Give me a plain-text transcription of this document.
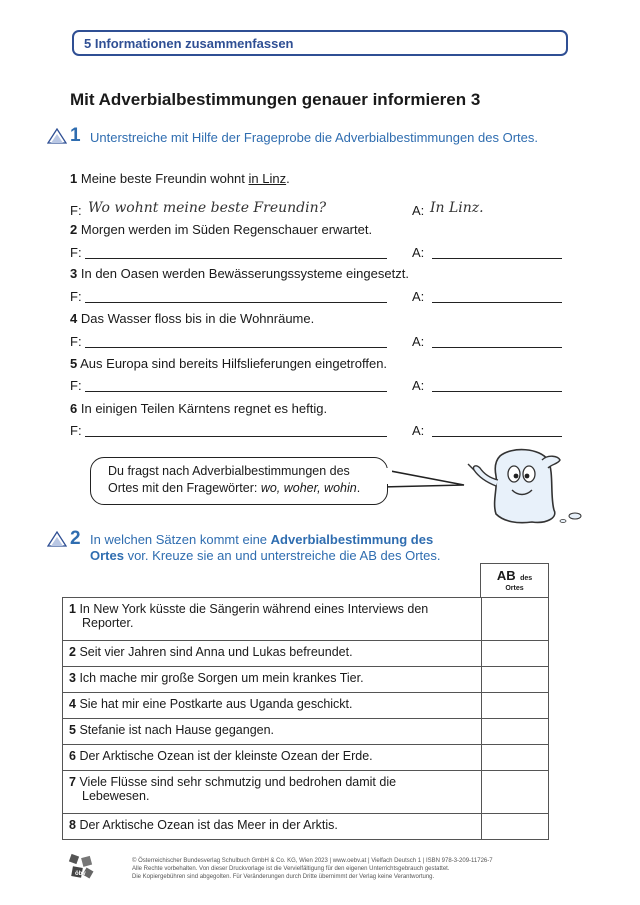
5 Informationen zusammenfassen
Mit Adverbialbestimmungen genauer informieren 3
1 Unterstreiche mit Hilfe der Frageprobe die Adverbialbestimmungen des Ortes.
1 Meine beste Freundin wohnt in Linz.
F: Wo wohnt meine beste Freundin?	A: In Linz.
2 Morgen werden im Süden Regenschauer erwartet.
F:	A:
3 In den Oasen werden Bewässerungssysteme eingesetzt.
F:	A:
4 Das Wasser floss bis in die Wohnräume.
F:	A:
5 Aus Europa sind bereits Hilfslieferungen eingetroffen.
F:	A:
6 In einigen Teilen Kärntens regnet es heftig.
F:	A:
Du fragst nach Adverbialbestimmungen des
Ortes mit den Fragewörter: wo, woher, wohin.
2 In welchen Sätzen kommt eine Adverbialbestimmung des Ortes vor. Kreuze sie an und unterstreiche die AB des Ortes.
AB des
Ortes
1 In New York küsste die Sängerin während eines Interviews den
Reporter.	
2 Seit vier Jahren sind Anna und Lukas befreundet.	
3 Ich mache mir große Sorgen um mein krankes Tier.	
4 Sie hat mir eine Postkarte aus Uganda geschickt.	
5 Stefanie ist nach Hause gegangen.	
6 Der Arktische Ozean ist der kleinste Ozean der Erde.	
7 Viele Flüsse sind sehr schmutzig und bedrohen damit die
Lebewesen.	
8 Der Arktische Ozean ist das Meer in der Arktis.	
öbv
© Österreichischer Bundesverlag Schulbuch GmbH & Co. KG, Wien 2023 | www.oebv.at | Vielfach Deutsch 1 | ISBN 978-3-209-11726-7
Alle Rechte vorbehalten. Von dieser Druckvorlage ist die Vervielfältigung für den eigenen Unterrichtsgebrauch gestattet.
Die Kopiergebühren sind abgegolten. Für Veränderungen durch Dritte übernimmt der Verlag keine Verantwortung.
